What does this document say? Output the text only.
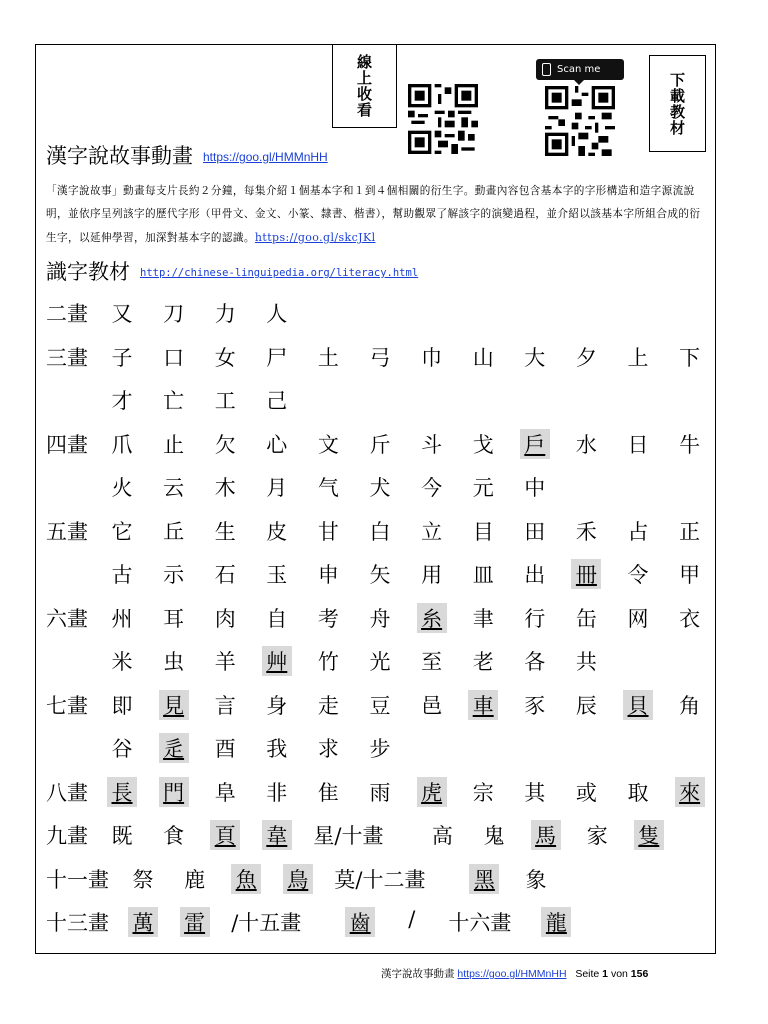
線
上
收
看
Scan me
下
載
教
材
漢字說故事動畫 https://goo.gl/HMMnHH
「漢字說故事」動畫每支片長約２分鐘，每集介紹１個基本字和１到４個相關的衍生字。動畫內容包含基本字的字形構造和造字源流說明，並依序呈列該字的歷代字形（甲骨文、金文、小篆、隸書、楷書），幫助觀眾了解該字的演變過程，並介紹以該基本字所組合成的衍生字，以延伸學習，加深對基本字的認識。https://goo.gl/skcJKl
識字教材 http://chinese-linguipedia.org/literacy.html
二畫 又 刀 力 人
三畫 子 口 女 尸 土 弓 巾 山 大 夕 上 下
才 亡 工 己
四畫 爪 止 欠 心 文 斤 斗 戈 戶 水 日 牛
火 云 木 月 气 犬 今 元 中
五畫 它 丘 生 皮 甘 白 立 目 田 禾 占 正
古 示 石 玉 申 矢 用 皿 出 冊 令 甲
六畫 州 耳 肉 自 考 舟 糸 聿 行 缶 网 衣
米 虫 羊 艸 竹 光 至 老 各 共
七畫 即 見 言 身 走 豆 邑 車 豕 辰 貝 角
谷 辵 酉 我 求 步
八畫 長 門 阜 非 隹 雨 虎 宗 其 或 取 來
九畫 既 食 頁 韋 星/十畫 高 鬼 馬 家 隻
十一畫 祭 鹿 魚 鳥 莫/十二畫 黑 象
十三畫 萬 雷 /十五畫 齒	/	十六畫 龍
漢字說故事動畫 https://goo.gl/HMMnHH Seite 1 von 156
